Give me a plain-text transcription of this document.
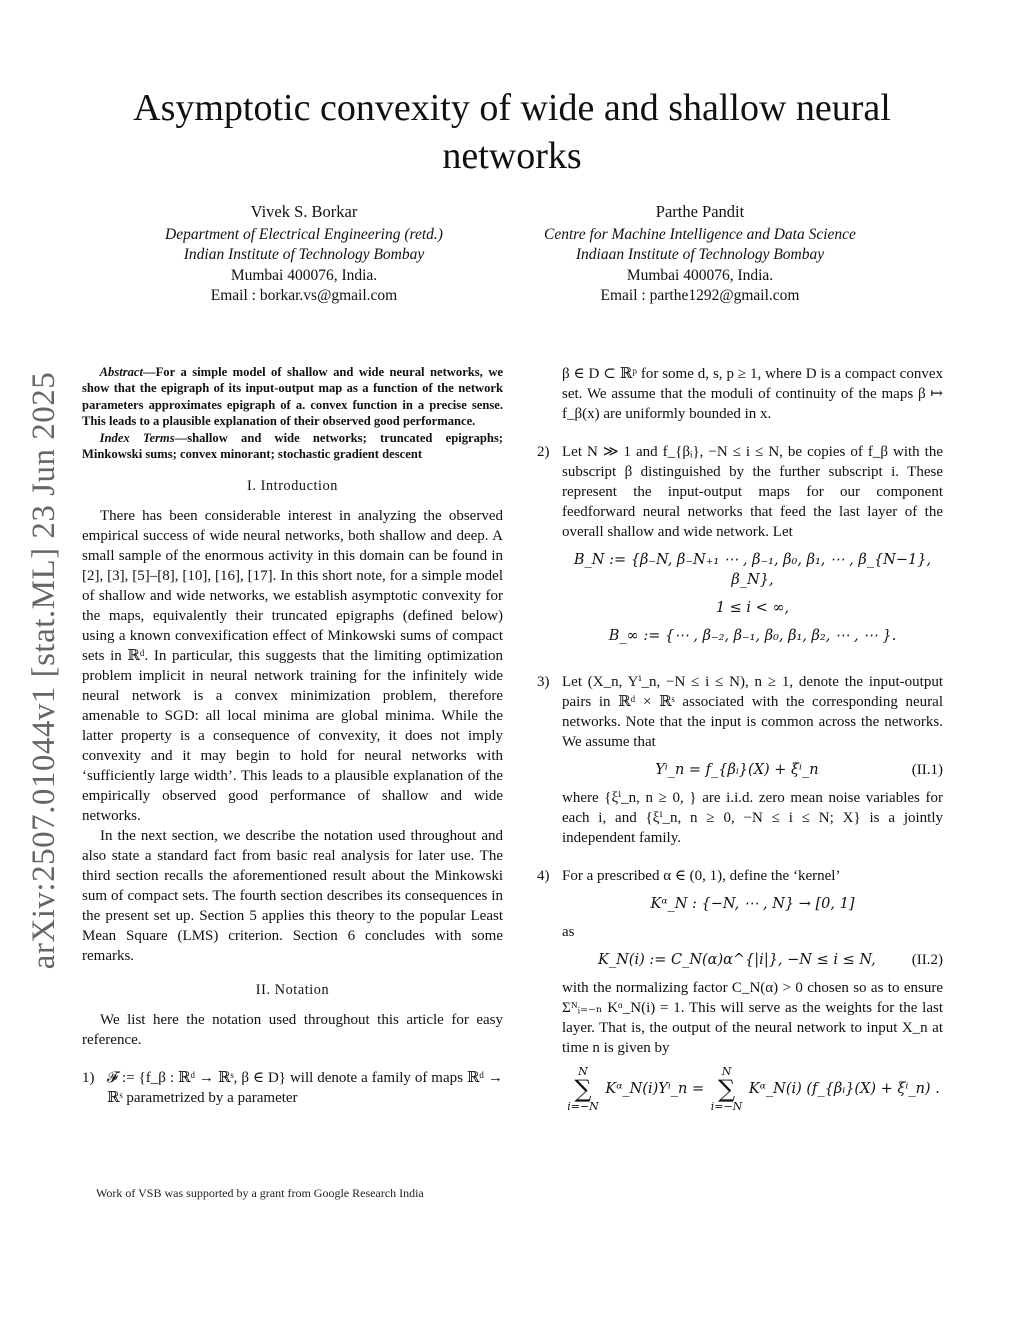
arXiv:2507.01044v1 [stat.ML] 23 Jun 2025
Asymptotic convexity of wide and shallow neural networks
Vivek S. Borkar
Department of Electrical Engineering (retd.)
Indian Institute of Technology Bombay
Mumbai 400076, India.
Email : borkar.vs@gmail.com
Parthe Pandit
Centre for Machine Intelligence and Data Science
Indiaan Institute of Technology Bombay
Mumbai 400076, India.
Email : parthe1292@gmail.com

Abstract—For a simple model of shallow and wide neural networks, we show that the epigraph of its input-output map as a function of the network parameters approximates epigraph of a. convex function in a precise sense. This leads to a plausible explanation of their observed good performance.

Index Terms—shallow and wide networks; truncated epigraphs; Minkowski sums; convex minorant; stochastic gradient descent

I. Introduction

There has been considerable interest in analyzing the observed empirical success of wide neural networks, both shallow and deep. A small sample of the enormous activity in this domain can be found in [2], [3], [5]–[8], [10], [16], [17]. In this short note, for a simple model of shallow and wide networks, we establish asymptotic convexity for the maps, equivalently their truncated epigraphs (defined below) using a known convexification effect of Minkowski sums of compact sets in ℝᵈ. In particular, this suggests that the limiting optimization problem implicit in neural network training for the infinitely wide neural network is a convex minimization problem, therefore amenable to SGD: all local minima are global minima. While the latter property is a consequence of convexity, it does not imply convexity and it may begin to hold for neural networks with ‘sufficiently large width’. This leads to a plausible explanation of the empirically observed good performance of shallow and wide networks.

In the next section, we describe the notation used throughout and also state a standard fact from basic real analysis for later use. The third section recalls the aforementioned result about the Minkowski sum of compact sets. The fourth section describes its consequences in the present set up. Section 5 applies this theory to the popular Least Mean Square (LMS) criterion. Section 6 concludes with some remarks.

II. Notation

We list here the notation used throughout this article for easy reference.

1) 𝓕 := {f_β : ℝᵈ → ℝˢ, β ∈ D} will denote a family of maps ℝᵈ → ℝˢ parametrized by a parameter
β ∈ D ⊂ ℝᵖ for some d, s, p ≥ 1, where D is a compact convex set. We assume that the moduli of continuity of the maps β ↦ f_β(x) are uniformly bounded in x.
2) Let N ≫ 1 and f_{βᵢ}, −N ≤ i ≤ N, be copies of f_β with the subscript β distinguished by the further subscript i. These represent the input-output maps for our component feedforward neural networks that feed the last layer of the overall shallow and wide network. Let
B_N := {β₋N, β₋N₊₁ ⋯ , β₋₁, β₀, β₁, ⋯ , β_{N−1}, β_N},
1 ≤ i < ∞,
B_∞ := {⋯ , β₋₂, β₋₁, β₀, β₁, β₂, ⋯ , ⋯ }.
3) Let (X_n, Yⁱ_n, −N ≤ i ≤ N), n ≥ 1, denote the input-output pairs in ℝᵈ × ℝˢ associated with the corresponding neural networks. Note that the input is common across the networks. We assume that
Yⁱ_n = f_{βᵢ}(X) + ξⁱ_n	(II.1)
where {ξⁱ_n, n ≥ 0, } are i.i.d. zero mean noise variables for each i, and {ξⁱ_n, n ≥ 0, −N ≤ i ≤ N; X} is a jointly independent family.
4) For a prescribed α ∈ (0, 1), define the ‘kernel’
Kᵅ_N : {−N, ⋯ , N} → [0, 1]
as
K_N(i) := C_N(α)α^{|i|}, −N ≤ i ≤ N,	(II.2)
with the normalizing factor C_N(α) > 0 chosen so as to ensure Σᴺᵢ₌₋ₙ Kᵅ_N(i) = 1. This will serve as the weights for the last layer. That is, the output of the neural network to input X_n at time n is given by
N
∑
i=−N
Kᵅ_N(i)Yⁱ_n =
N
∑
i=−N
Kᵅ_N(i) (f_{βᵢ}(X) + ξⁱ_n) .
Work of VSB was supported by a grant from Google Research India
